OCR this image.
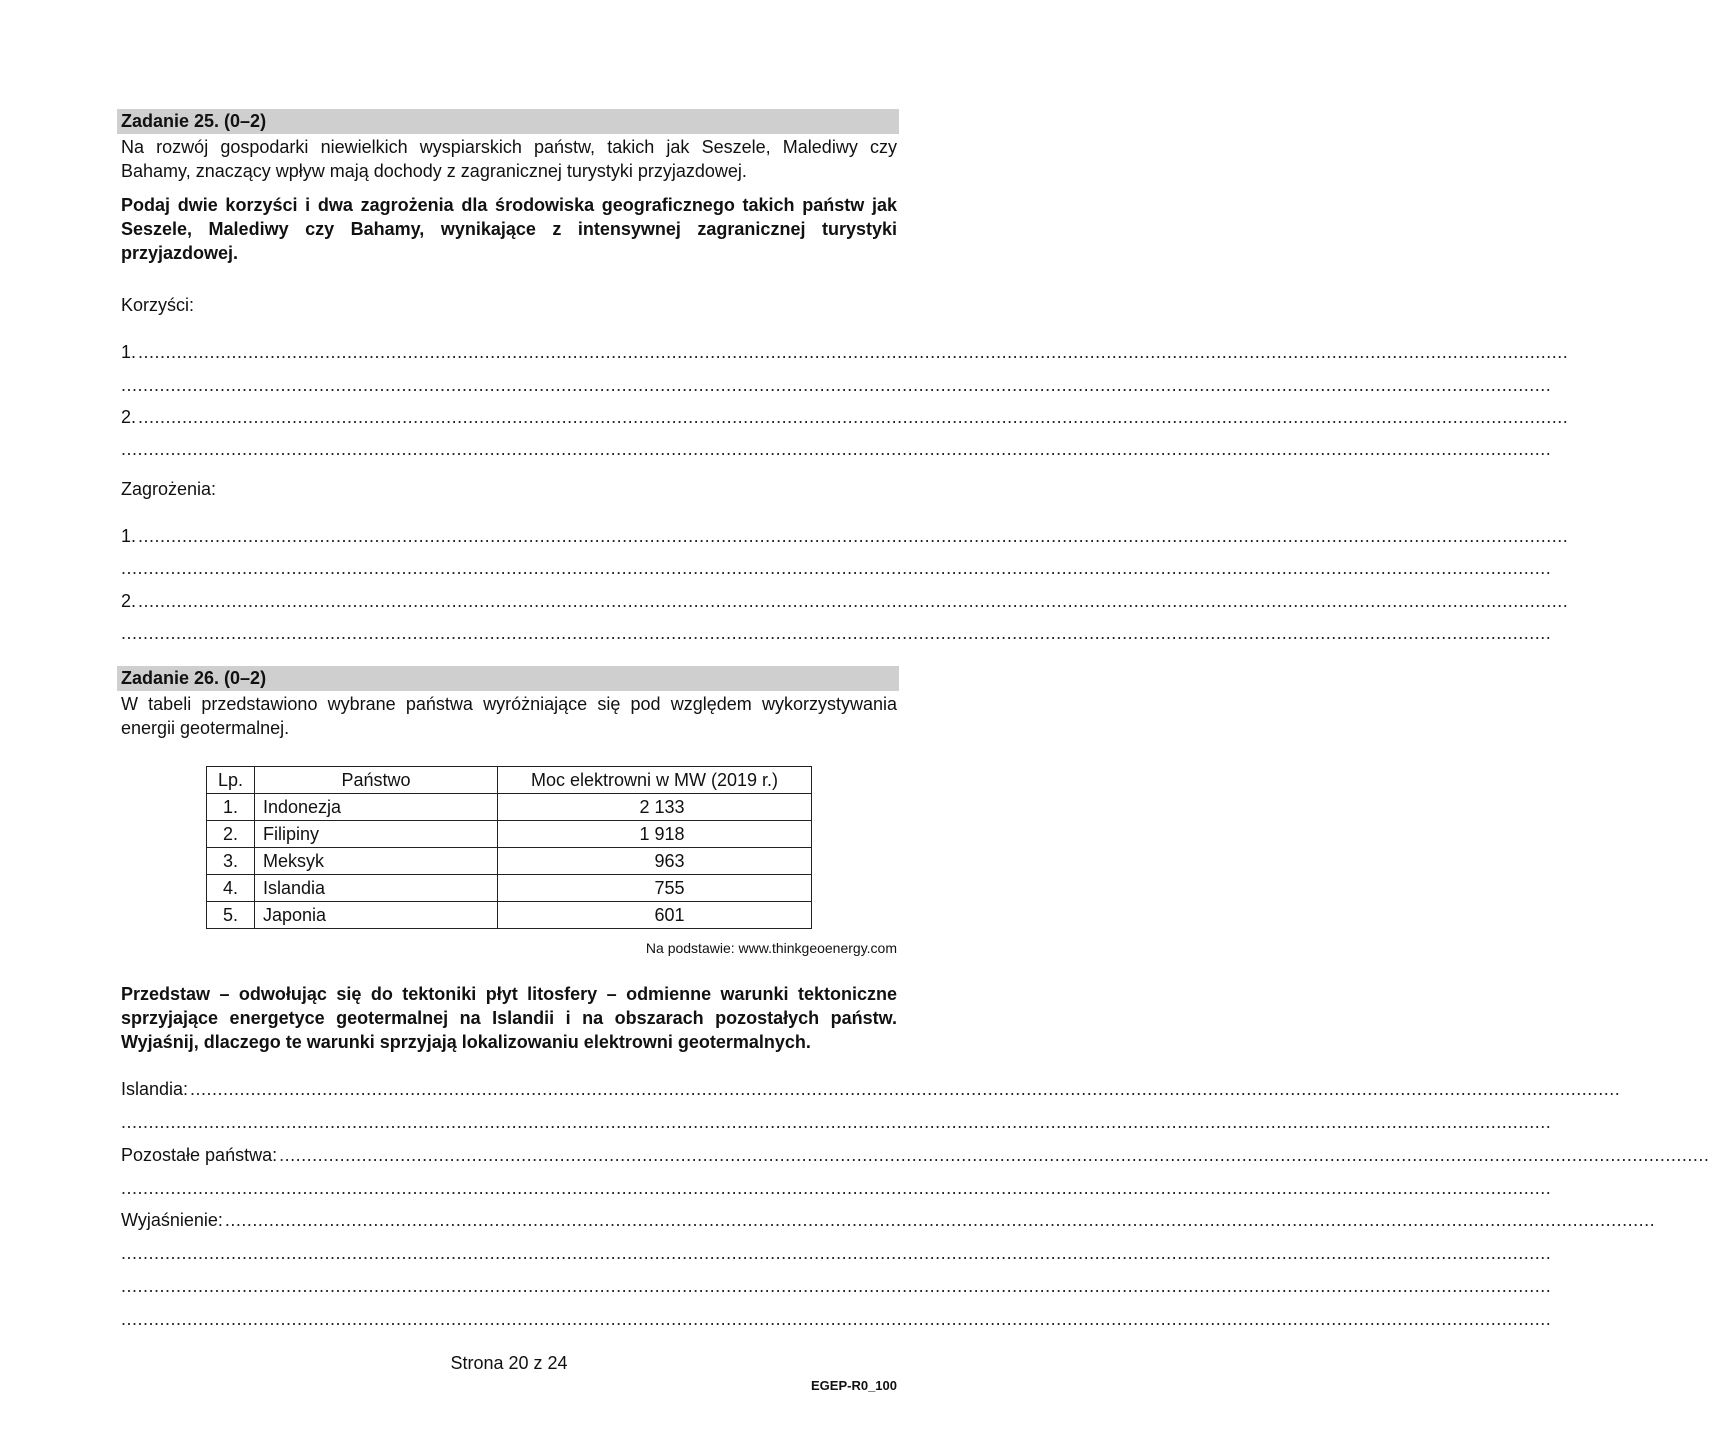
Zadanie 25. (0–2)
Na rozwój gospodarki niewielkich wyspiarskich państw, takich jak Seszele, Malediwy czy Bahamy, znaczący wpływ mają dochody z zagranicznej turystyki przyjazdowej.
Podaj dwie korzyści i dwa zagrożenia dla środowiska geograficznego takich państw jak Seszele, Malediwy czy Bahamy, wynikające z intensywnej zagranicznej turystyki przyjazdowej.
Korzyści:
1. ....................................................................................................................................................................................................................................................................
....................................................................................................................................................................................................................................................................
2. ....................................................................................................................................................................................................................................................................
....................................................................................................................................................................................................................................................................
Zagrożenia:
1. ....................................................................................................................................................................................................................................................................
....................................................................................................................................................................................................................................................................
2. ....................................................................................................................................................................................................................................................................
....................................................................................................................................................................................................................................................................
Zadanie 26. (0–2)
W tabeli przedstawiono wybrane państwa wyróżniające się pod względem wykorzystywania energii geotermalnej.
Lp.	Państwo	Moc elektrowni w MW (2019 r.)
1.	Indonezja	2 133
2.	Filipiny	1 918
3.	Meksyk	963
4.	Islandia	755
5.	Japonia	601
Na podstawie: www.thinkgeoenergy.com
Przedstaw – odwołując się do tektoniki płyt litosfery – odmienne warunki tektoniczne sprzyjające energetyce geotermalnej na Islandii i na obszarach pozostałych państw. Wyjaśnij, dlaczego te warunki sprzyjają lokalizowaniu elektrowni geotermalnych.
Islandia: ....................................................................................................................................................................................................................................................................
....................................................................................................................................................................................................................................................................
Pozostałe państwa: ....................................................................................................................................................................................................................................................................
....................................................................................................................................................................................................................................................................
Wyjaśnienie: ....................................................................................................................................................................................................................................................................
....................................................................................................................................................................................................................................................................
....................................................................................................................................................................................................................................................................
....................................................................................................................................................................................................................................................................
Strona 20 z 24
EGEP-R0_100
